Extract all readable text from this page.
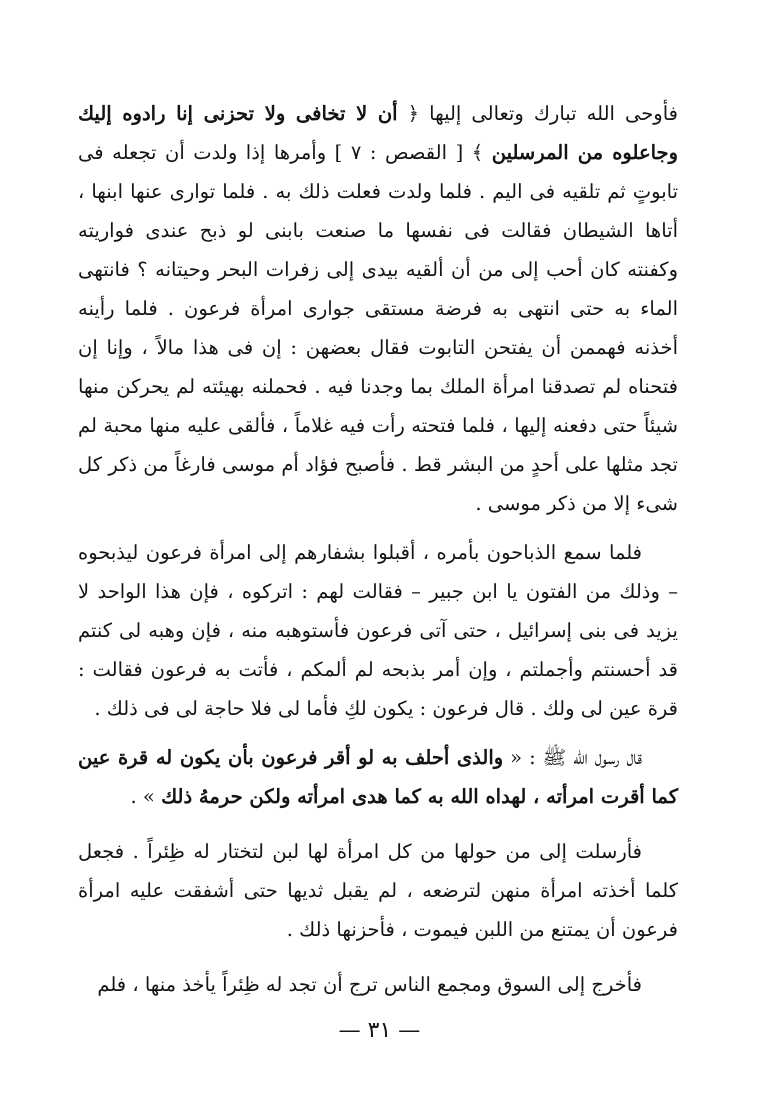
فأوحى الله تبارك وتعالى إليها ﴿ أن لا تخافى ولا تحزنى إنا رادوه إليك وجاعلوه من المرسلين ﴾ [ القصص : ٧ ] وأمرها إذا ولدت أن تجعله فى تابوتٍ ثم تلقيه فى اليم . فلما ولدت فعلت ذلك به . فلما توارى عنها ابنها ، أتاها الشيطان فقالت فى نفسها ما صنعت بابنى لو ذبح عندى فواريته وكفنته كان أحب إلى من أن ألقيه بيدى إلى زفرات البحر وحيتانه ؟ فانتهى الماء به حتى انتهى به فرضة مستقى جوارى امرأة فرعون . فلما رأينه أخذنه فهممن أن يفتحن التابوت فقال بعضهن : إن فى هذا مالاً ، وإنا إن فتحناه لم تصدقنا امرأة الملك بما وجدنا فيه . فحملنه بهيئته لم يحركن منها شيئاً حتى دفعنه إليها ، فلما فتحته رأت فيه غلاماً ، فألقى عليه منها محبة لم تجد مثلها على أحدٍ من البشر قط . فأصبح فؤاد أم موسى فارغاً من ذكر كل شىء إلا من ذكر موسى .

فلما سمع الذباحون بأمره ، أقبلوا بشفارهم إلى امرأة فرعون ليذبحوه – وذلك من الفتون يا ابن جبير – فقالت لهم : اتركوه ، فإن هذا الواحد لا يزيد فى بنى إسرائيل ، حتى آتى فرعون فأستوهبه منه ، فإن وهبه لى كنتم قد أحسنتم وأجملتم ، وإن أمر بذبحه لم ألمكم ، فأتت به فرعون فقالت : قرة عين لى ولك . قال فرعون : يكون لكِ فأما لى فلا حاجة لى فى ذلك .

قال رسول الله ﷺ : « والذى أحلف به لو أقر فرعون بأن يكون له قرة عين كما أقرت امرأته ، لهداه الله به كما هدى امرأته ولكن حرمهُ ذلك » .

فأرسلت إلى من حولها من كل امرأة لها لبن لتختار له ظِئراً . فجعل كلما أخذته امرأة منهن لترضعه ، لم يقبل ثديها حتى أشفقت عليه امرأة فرعون أن يمتنع من اللبن فيموت ، فأحزنها ذلك .

فأخرج إلى السوق ومجمع الناس ترج أن تجد له ظِئراً يأخذ منها ، فلم

— ٣١ —
